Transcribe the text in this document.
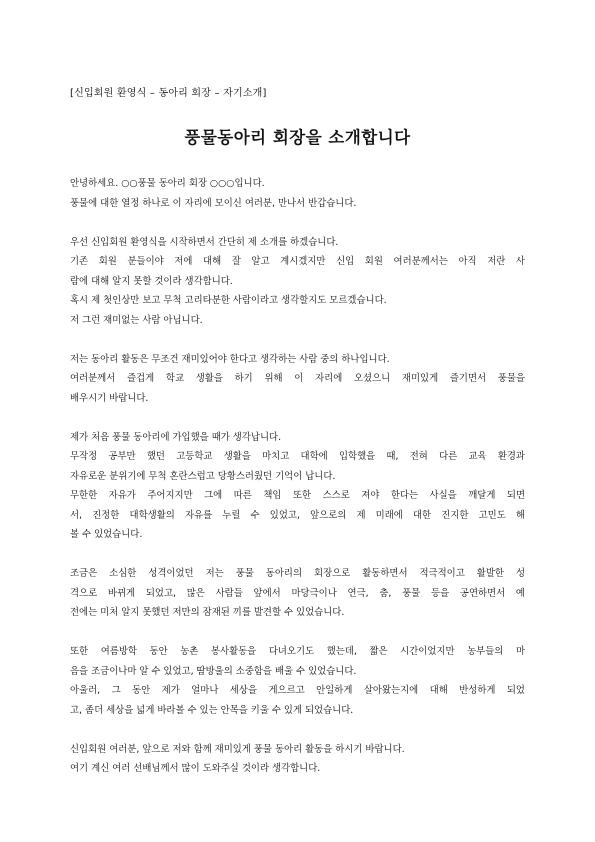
[신입회원 환영식 – 동아리 회장 – 자기소개]
풍물동아리 회장을 소개합니다
안녕하세요. ○○풍물 동아리 회장 ○○○입니다.
풍물에 대한 열정 하나로 이 자리에 모이신 여러분, 만나서 반갑습니다.
우선 신입회원 환영식을 시작하면서 간단히 제 소개를 하겠습니다.
기존 회원 분들이야 저에 대해 잘 알고 계시겠지만 신입 회원 여러분께서는 아직 저란 사
람에 대해 알지 못할 것이라 생각합니다.
혹시 제 첫인상만 보고 무척 고리타분한 사람이라고 생각할지도 모르겠습니다.
저 그런 재미없는 사람 아닙니다.
저는 동아리 활동은 무조건 재미있어야 한다고 생각하는 사람 중의 하나입니다.
여러분께서 즐겁게 학교 생활을 하기 위해 이 자리에 오셨으니 재미있게 즐기면서 풍물을
배우시기 바랍니다.
제가 처음 풍물 동아리에 가입했을 때가 생각납니다.
무작정 공부만 했던 고등학교 생활을 마치고 대학에 입학했을 때, 전혀 다른 교육 환경과
자유로운 분위기에 무척 혼란스럽고 당황스러웠던 기억이 납니다.
무한한 자유가 주어지지만 그에 따른 책임 또한 스스로 져야 한다는 사실을 깨달게 되면
서, 진정한 대학생활의 자유를 누릴 수 있었고, 앞으로의 제 미래에 대한 진지한 고민도 해
볼 수 있었습니다.
조금은 소심한 성격이었던 저는 풍물 동아리의 회장으로 활동하면서 적극적이고 활발한 성
격으로 바뀌게 되었고, 많은 사람들 앞에서 마당극이나 연극, 춤, 풍물 등을 공연하면서 예
전에는 미처 알지 못했던 저만의 잠재된 끼를 발견할 수 있었습니다.
또한 여름방학 동안 농촌 봉사활동을 다녀오기도 했는데, 짧은 시간이었지만 농부들의 마
음을 조금이나마 알 수 있었고, 땀방울의 소중함을 배울 수 있었습니다.
아울러, 그 동안 제가 얼마나 세상을 게으르고 안일하게 살아왔는지에 대해 반성하게 되었
고, 좀더 세상을 넓게 바라볼 수 있는 안목을 키울 수 있게 되었습니다.
신입회원 여러분, 앞으로 저와 함께 재미있게 풍물 동아리 활동을 하시기 바랍니다.
여기 계신 여러 선배님께서 많이 도와주실 것이라 생각합니다.
